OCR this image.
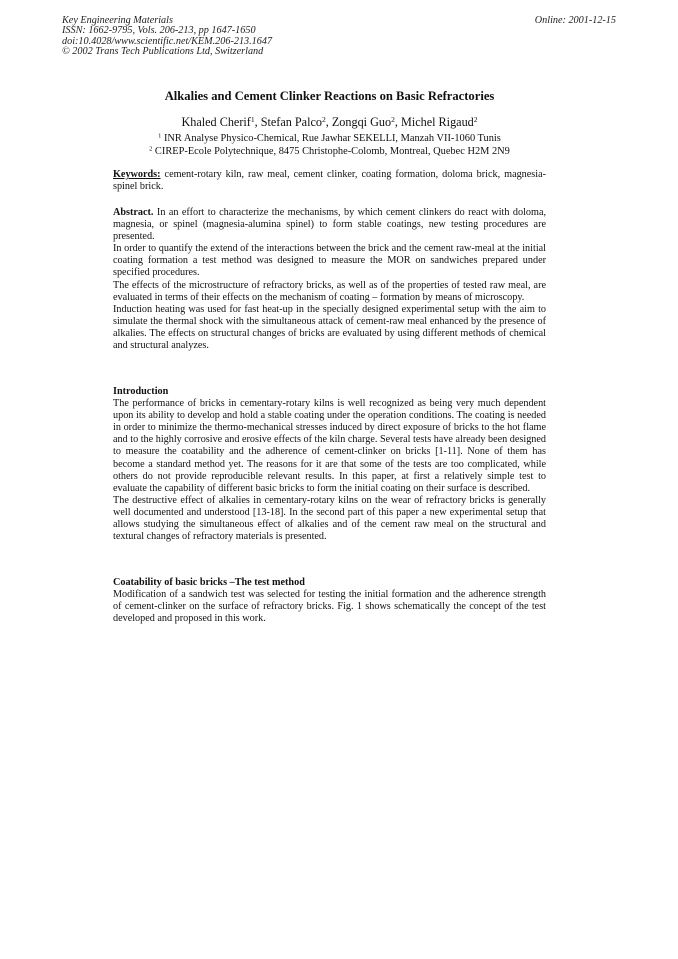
Key Engineering Materials
ISSN: 1662-9795, Vols. 206-213, pp 1647-1650
doi:10.4028/www.scientific.net/KEM.206-213.1647
© 2002 Trans Tech Publications Ltd, Switzerland
Online: 2001-12-15
Alkalies and Cement Clinker Reactions on Basic Refractories
Khaled Cherif$^1$, Stefan Palco$^2$, Zongqi Guo$^2$, Michel Rigaud$^2$
$^1$ INR Analyse Physico-Chemical, Rue Jawhar SEKELLI, Manzah VII-1060 Tunis
$^2$ CIREP-Ecole Polytechnique, 8475 Christophe-Colomb, Montreal, Quebec H2M 2N9

Keywords: cement-rotary kiln, raw meal, cement clinker, coating formation, doloma brick, magnesia-spinel brick.

Abstract. In an effort to characterize the mechanisms, by which cement clinkers do react with doloma, magnesia, or spinel (magnesia-alumina spinel) to form stable coatings, new testing procedures are presented.

In order to quantify the extend of the interactions between the brick and the cement raw-meal at the initial coating formation a test method was designed to measure the MOR on sandwiches prepared under specified procedures.

The effects of the microstructure of refractory bricks, as well as of the properties of tested raw meal, are evaluated in terms of their effects on the mechanism of coating – formation by means of microscopy.

Induction heating was used for fast heat-up in the specially designed experimental setup with the aim to simulate the thermal shock with the simultaneous attack of cement-raw meal enhanced by the presence of alkalies. The effects on structural changes of bricks are evaluated by using different methods of chemical and structural analyzes.

Introduction

The performance of bricks in cementary-rotary kilns is well recognized as being very much dependent upon its ability to develop and hold a stable coating under the operation conditions. The coating is needed in order to minimize the thermo-mechanical stresses induced by direct exposure of bricks to the hot flame and to the highly corrosive and erosive effects of the kiln charge. Several tests have already been designed to measure the coatability and the adherence of cement-clinker on bricks [1-11]. None of them has become a standard method yet. The reasons for it are that some of the tests are too complicated, while others do not provide reproducible relevant results. In this paper, at first a relatively simple test to evaluate the capability of different basic bricks to form the initial coating on their surface is described.

The destructive effect of alkalies in cementary-rotary kilns on the wear of refractory bricks is generally well documented and understood [13-18]. In the second part of this paper a new experimental setup that allows studying the simultaneous effect of alkalies and of the cement raw meal on the structural and textural changes of refractory materials is presented.

Coatability of basic bricks –The test method

Modification of a sandwich test was selected for testing the initial formation and the adherence strength of cement-clinker on the surface of refractory bricks. Fig. 1 shows schematically the concept of the test developed and proposed in this work.
